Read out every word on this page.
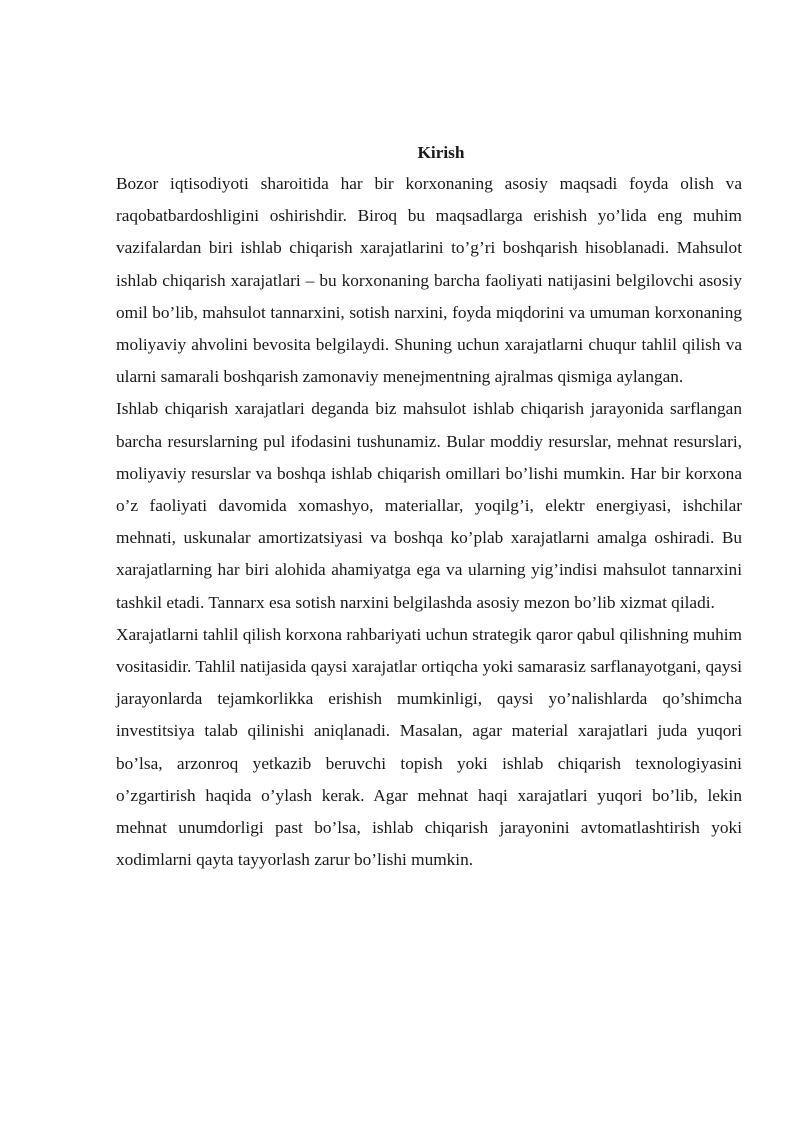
Kirish

Bozor iqtisodiyoti sharoitida har bir korxonaning asosiy maqsadi foyda olish va raqobatbardoshligini oshirishdir. Biroq bu maqsadlarga erishish yo’lida eng muhim vazifalardan biri ishlab chiqarish xarajatlarini to’g’ri boshqarish hisoblanadi. Mahsulot ishlab chiqarish xarajatlari – bu korxonaning barcha faoliyati natijasini belgilovchi asosiy omil bo’lib, mahsulot tannarxini, sotish narxini, foyda miqdorini va umuman korxonaning moliyaviy ahvolini bevosita belgilaydi. Shuning uchun xarajatlarni chuqur tahlil qilish va ularni samarali boshqarish zamonaviy menejmentning ajralmas qismiga aylangan.

Ishlab chiqarish xarajatlari deganda biz mahsulot ishlab chiqarish jarayonida sarflangan barcha resurslarning pul ifodasini tushunamiz. Bular moddiy resurslar, mehnat resurslari, moliyaviy resurslar va boshqa ishlab chiqarish omillari bo’lishi mumkin. Har bir korxona o’z faoliyati davomida xomashyo, materiallar, yoqilg’i, elektr energiyasi, ishchilar mehnati, uskunalar amortizatsiyasi va boshqa ko’plab xarajatlarni amalga oshiradi. Bu xarajatlarning har biri alohida ahamiyatga ega va ularning yig’indisi mahsulot tannarxini tashkil etadi. Tannarx esa sotish narxini belgilashda asosiy mezon bo’lib xizmat qiladi.

Xarajatlarni tahlil qilish korxona rahbariyati uchun strategik qaror qabul qilishning muhim vositasidir. Tahlil natijasida qaysi xarajatlar ortiqcha yoki samarasiz sarflanayotgani, qaysi jarayonlarda tejamkorlikka erishish mumkinligi, qaysi yo’nalishlarda qo’shimcha investitsiya talab qilinishi aniqlanadi. Masalan, agar material xarajatlari juda yuqori bo’lsa, arzonroq yetkazib beruvchi topish yoki ishlab chiqarish texnologiyasini o’zgartirish haqida o’ylash kerak. Agar mehnat haqi xarajatlari yuqori bo’lib, lekin mehnat unumdorligi past bo’lsa, ishlab chiqarish jarayonini avtomatlashtirish yoki xodimlarni qayta tayyorlash zarur bo’lishi mumkin.
